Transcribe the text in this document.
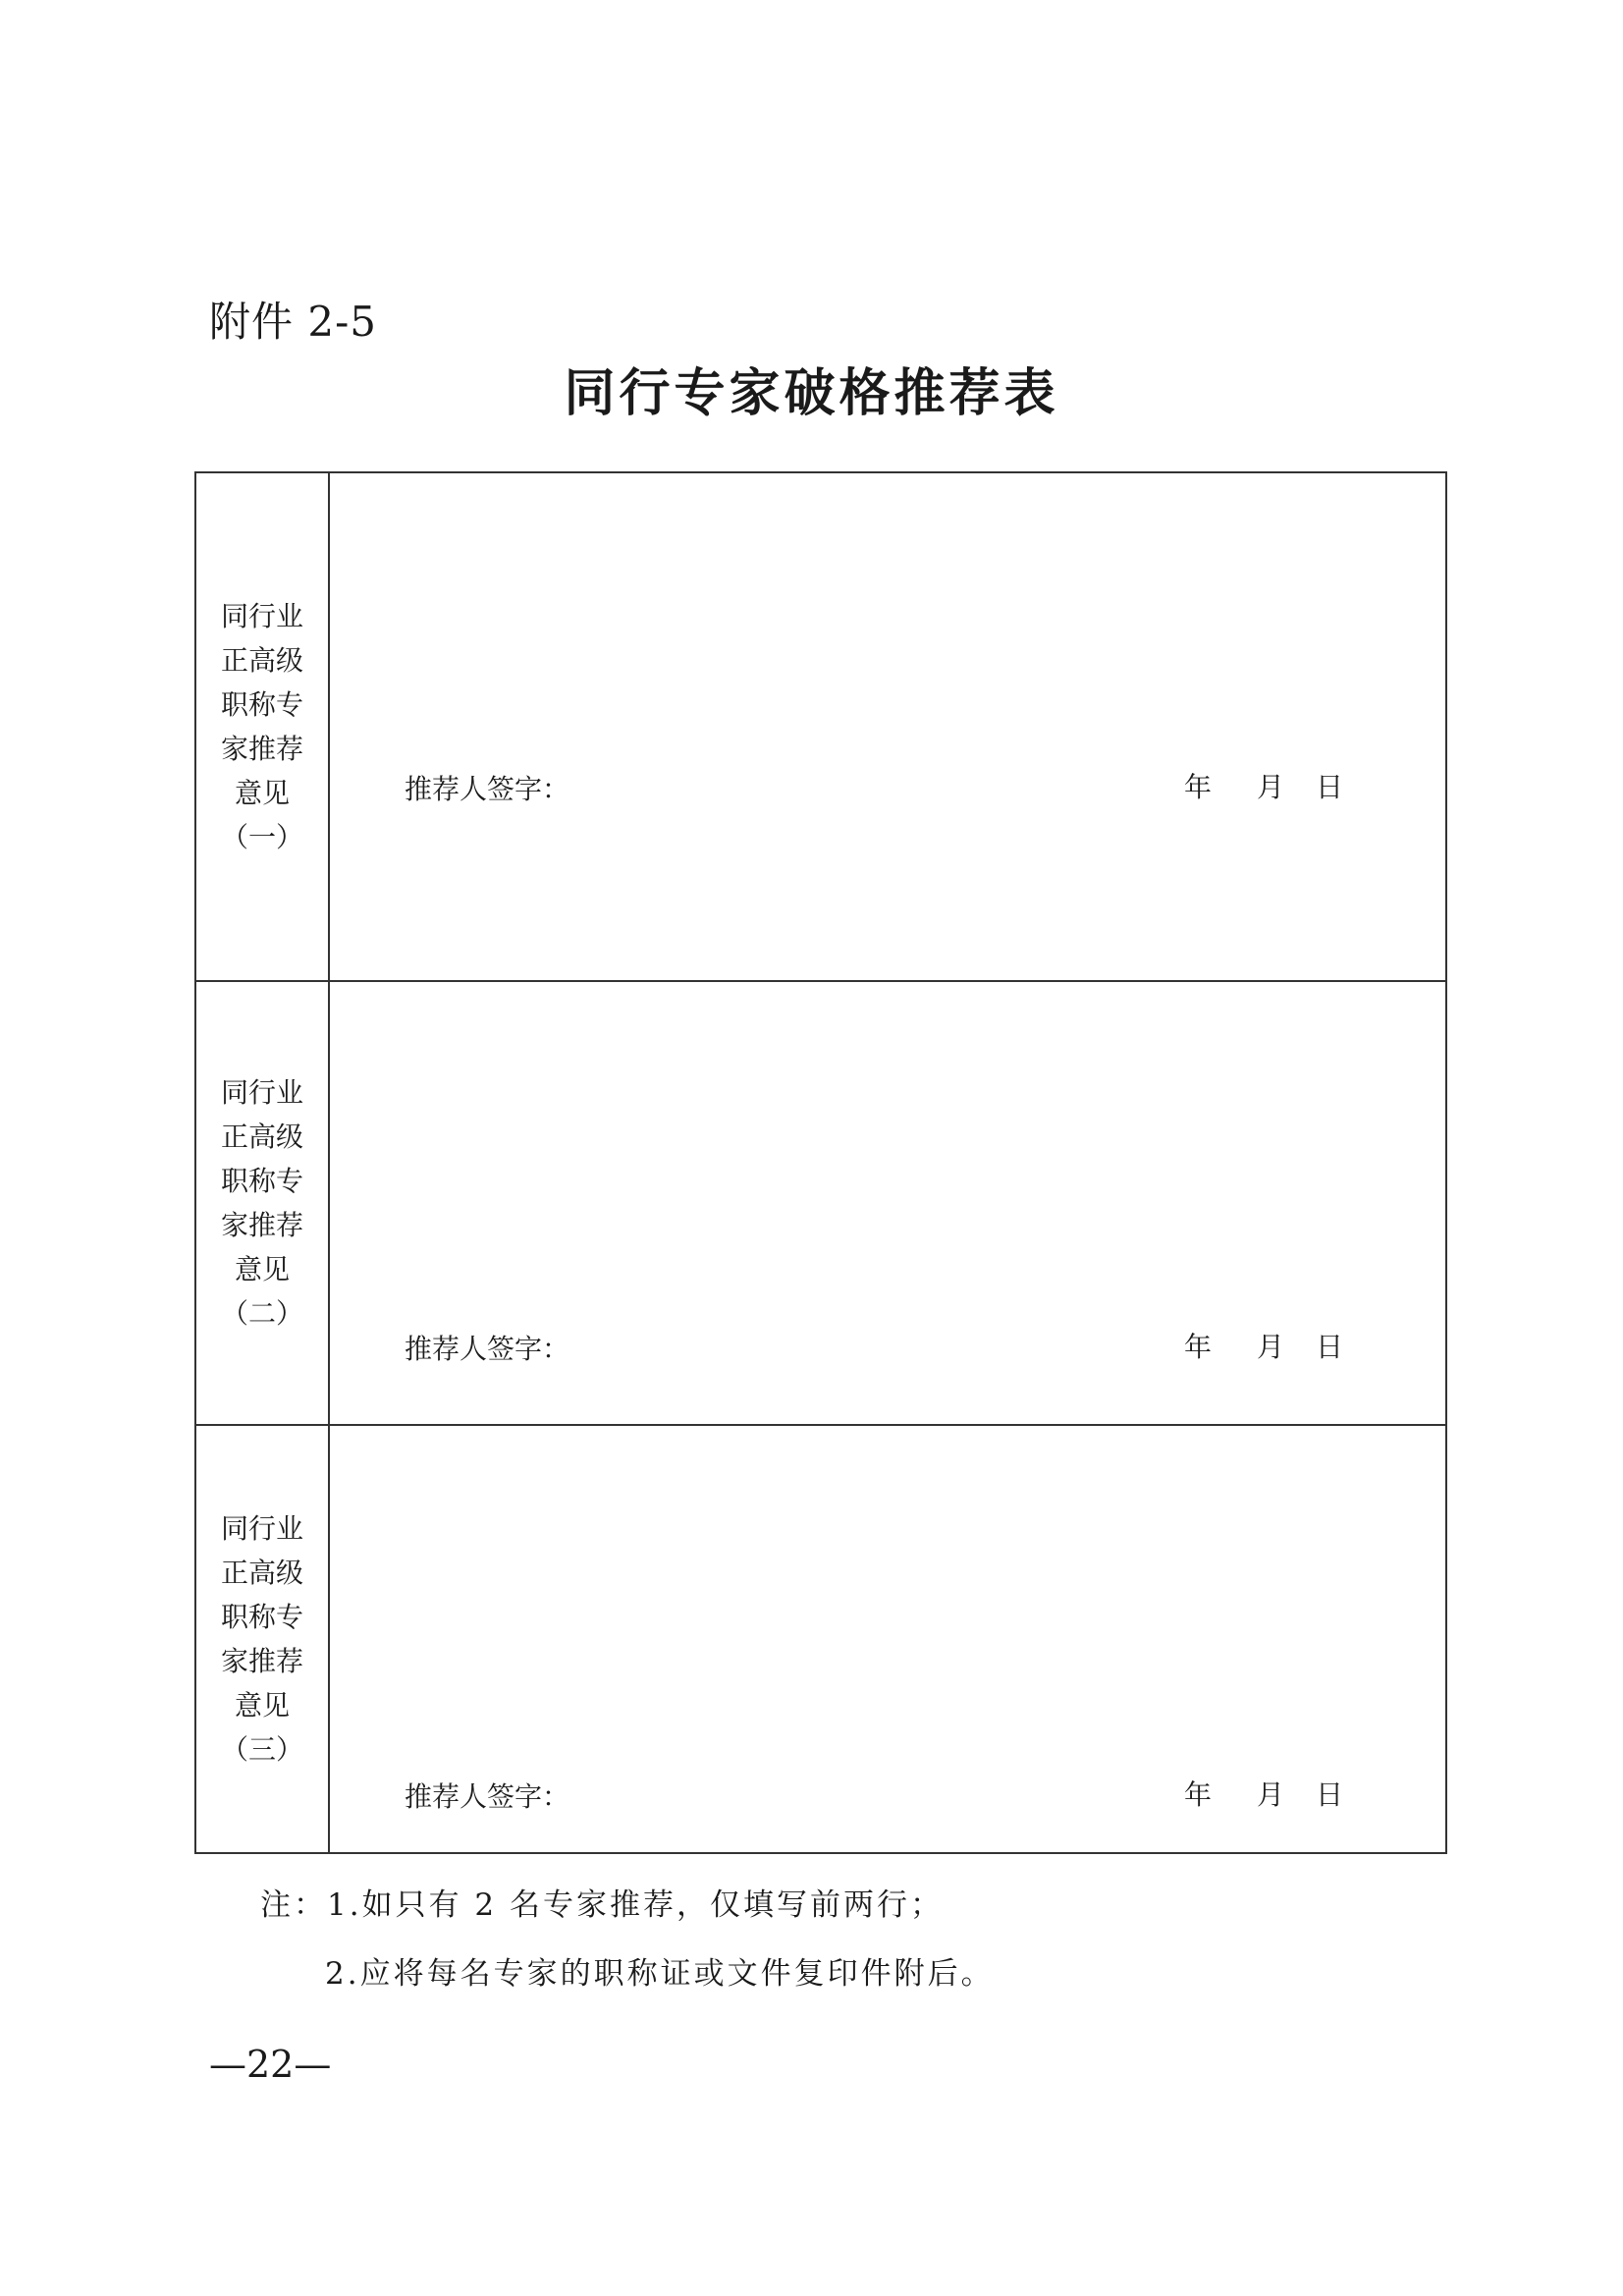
附件 2-5
同行专家破格推荐表
同行业
正高级
职称专
家推荐
意见
（一）
推荐人签字：	年 月 日
同行业
正高级
职称专
家推荐
意见
（二）
推荐人签字：	年 月 日
同行业
正高级
职称专
家推荐
意见
（三）
推荐人签字：	年 月 日
注：1.如只有 2 名专家推荐，仅填写前两行；
2.应将每名专家的职称证或文件复印件附后。
—22—
